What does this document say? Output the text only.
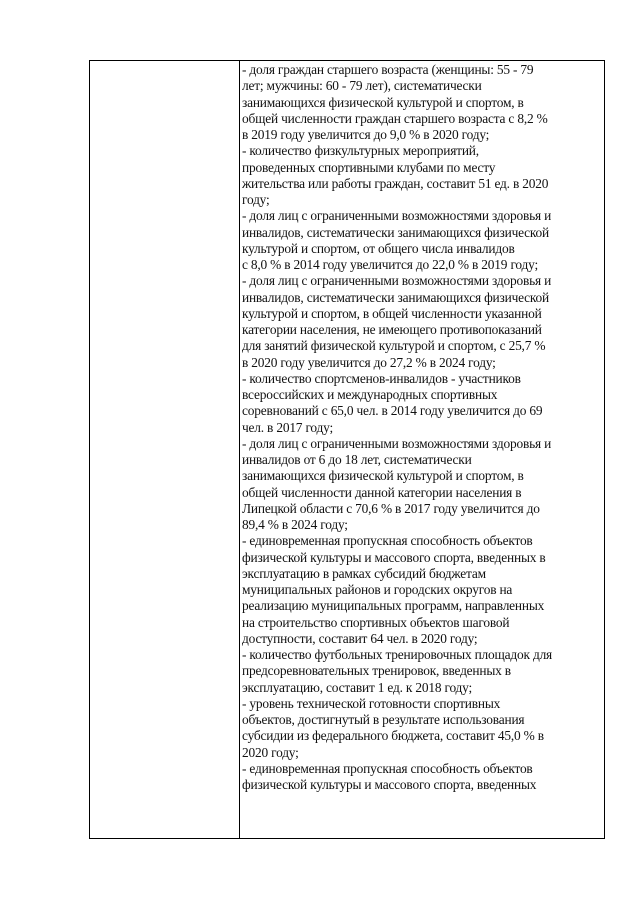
- доля граждан старшего возраста (женщины: 55 - 79

лет; мужчины: 60 - 79 лет), систематически

занимающихся физической культурой и спортом, в

общей численности граждан старшего возраста с 8,2 %

в 2019 году увеличится до 9,0 % в 2020 году;

- количество физкультурных мероприятий,

проведенных спортивными клубами по месту

жительства или работы граждан, составит 51 ед. в 2020

году;

- доля лиц с ограниченными возможностями здоровья и

инвалидов, систематически занимающихся физической

культурой и спортом, от общего числа инвалидов

с 8,0 % в 2014 году увеличится до 22,0 % в 2019 году;

- доля лиц с ограниченными возможностями здоровья и

инвалидов, систематически занимающихся физической

культурой и спортом, в общей численности указанной

категории населения, не имеющего противопоказаний

для занятий физической культурой и спортом, с 25,7 %

в 2020 году увеличится до 27,2 % в 2024 году;

- количество спортсменов-инвалидов - участников

всероссийских и международных спортивных

соревнований с 65,0 чел. в 2014 году увеличится до 69

чел. в 2017 году;

- доля лиц с ограниченными возможностями здоровья и

инвалидов от 6 до 18 лет, систематически

занимающихся физической культурой и спортом, в

общей численности данной категории населения в

Липецкой области с 70,6 % в 2017 году увеличится до

89,4 % в 2024 году;

- единовременная пропускная способность объектов

физической культуры и массового спорта, введенных в

эксплуатацию в рамках субсидий бюджетам

муниципальных районов и городских округов на

реализацию муниципальных программ, направленных

на строительство спортивных объектов шаговой

доступности, составит 64 чел. в 2020 году;

- количество футбольных тренировочных площадок для

предсоревновательных тренировок, введенных в

эксплуатацию, составит 1 ед. к 2018 году;

- уровень технической готовности спортивных

объектов, достигнутый в результате использования

субсидии из федерального бюджета, составит 45,0 % в

2020 году;

- единовременная пропускная способность объектов

физической культуры и массового спорта, введенных
